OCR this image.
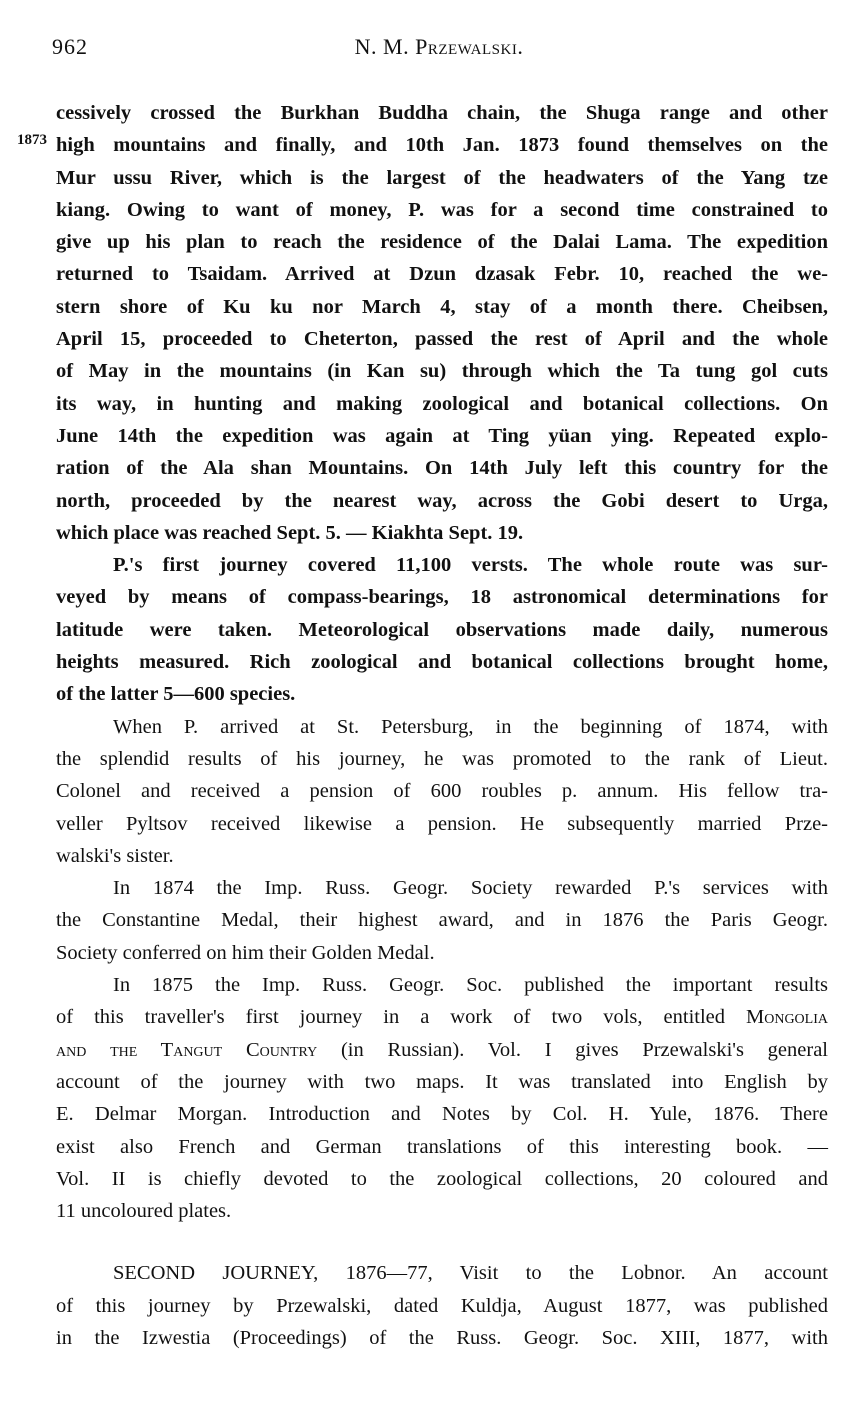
962	N. M. Przewalski.
1873
cessively crossed the Burkhan Buddha chain, the Shuga range and other
high mountains and finally, and 10th Jan. 1873 found themselves on the
Mur ussu River, which is the largest of the headwaters of the Yang tze
kiang. Owing to want of money, P. was for a second time constrained to
give up his plan to reach the residence of the Dalai Lama. The expedition
returned to Tsaidam. Arrived at Dzun dzasak Febr. 10, reached the we-
stern shore of Ku ku nor March 4, stay of a month there. Cheibsen,
April 15, proceeded to Cheterton, passed the rest of April and the whole
of May in the mountains (in Kan su) through which the Ta tung gol cuts
its way, in hunting and making zoological and botanical collections. On
June 14th the expedition was again at Ting yüan ying. Repeated explo-
ration of the Ala shan Mountains. On 14th July left this country for the
north, proceeded by the nearest way, across the Gobi desert to Urga,
which place was reached Sept. 5. — Kiakhta Sept. 19.
P.'s first journey covered 11,100 versts. The whole route was sur-
veyed by means of compass-bearings, 18 astronomical determinations for
latitude were taken. Meteorological observations made daily, numerous
heights measured. Rich zoological and botanical collections brought home,
of the latter 5—600 species.
When P. arrived at St. Petersburg, in the beginning of 1874, with
the splendid results of his journey, he was promoted to the rank of Lieut.
Colonel and received a pension of 600 roubles p. annum. His fellow tra-
veller Pyltsov received likewise a pension. He subsequently married Prze-
walski's sister.
In 1874 the Imp. Russ. Geogr. Society rewarded P.'s services with
the Constantine Medal, their highest award, and in 1876 the Paris Geogr.
Society conferred on him their Golden Medal.
In 1875 the Imp. Russ. Geogr. Soc. published the important results
of this traveller's first journey in a work of two vols, entitled Mongolia
and the Tangut Country (in Russian). Vol. I gives Przewalski's general
account of the journey with two maps. It was translated into English by
E. Delmar Morgan. Introduction and Notes by Col. H. Yule, 1876. There
exist also French and German translations of this interesting book. —
Vol. II is chiefly devoted to the zoological collections, 20 coloured and
11 uncoloured plates.
SECOND JOURNEY, 1876—77, Visit to the Lobnor. An account
of this journey by Przewalski, dated Kuldja, August 1877, was published
in the Izwestia (Proceedings) of the Russ. Geogr. Soc. XIII, 1877, with
